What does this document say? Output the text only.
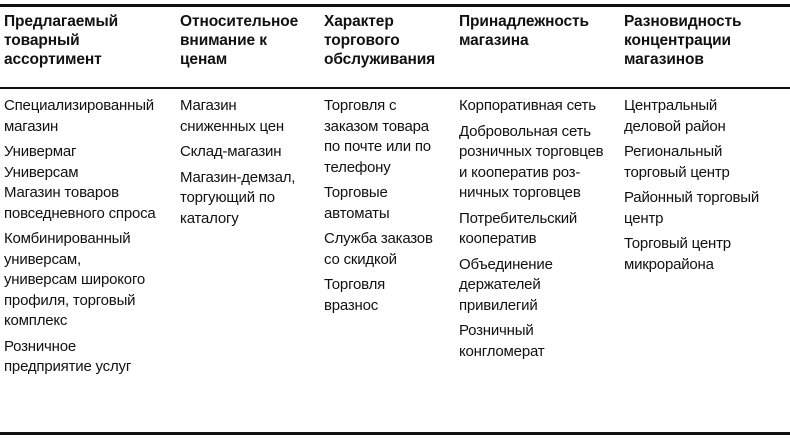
Предлагаемый
товарный
ассортимент
Относительное
внимание к
ценам
Характер
торгового
обслуживания
Принадлежность
магазина
Разновидность
концентрации
магазинов
Специализированный
магазин
Универмаг
Универсам
Магазин товаров
повседневного спроса
Комбинированный
универсам,
универсам широкого
профиля, торговый
комплекс
Розничное
предприятие услуг
Магазин
сниженных цен
Склад-магазин
Магазин-демзал,
торгующий по
каталогу
Торговля с
заказом товара
по почте или по
телефону
Торговые
автоматы
Служба заказов
со скидкой
Торговля
вразнос
Корпоративная сеть
Добровольная сеть
розничных торговцев
и кооператив роз-
ничных торговцев
Потребительский
кооператив
Объединение
держателей
привилегий
Розничный
конгломерат
Центральный
деловой район
Региональный
торговый центр
Районный торговый
центр
Торговый центр
микрорайона
